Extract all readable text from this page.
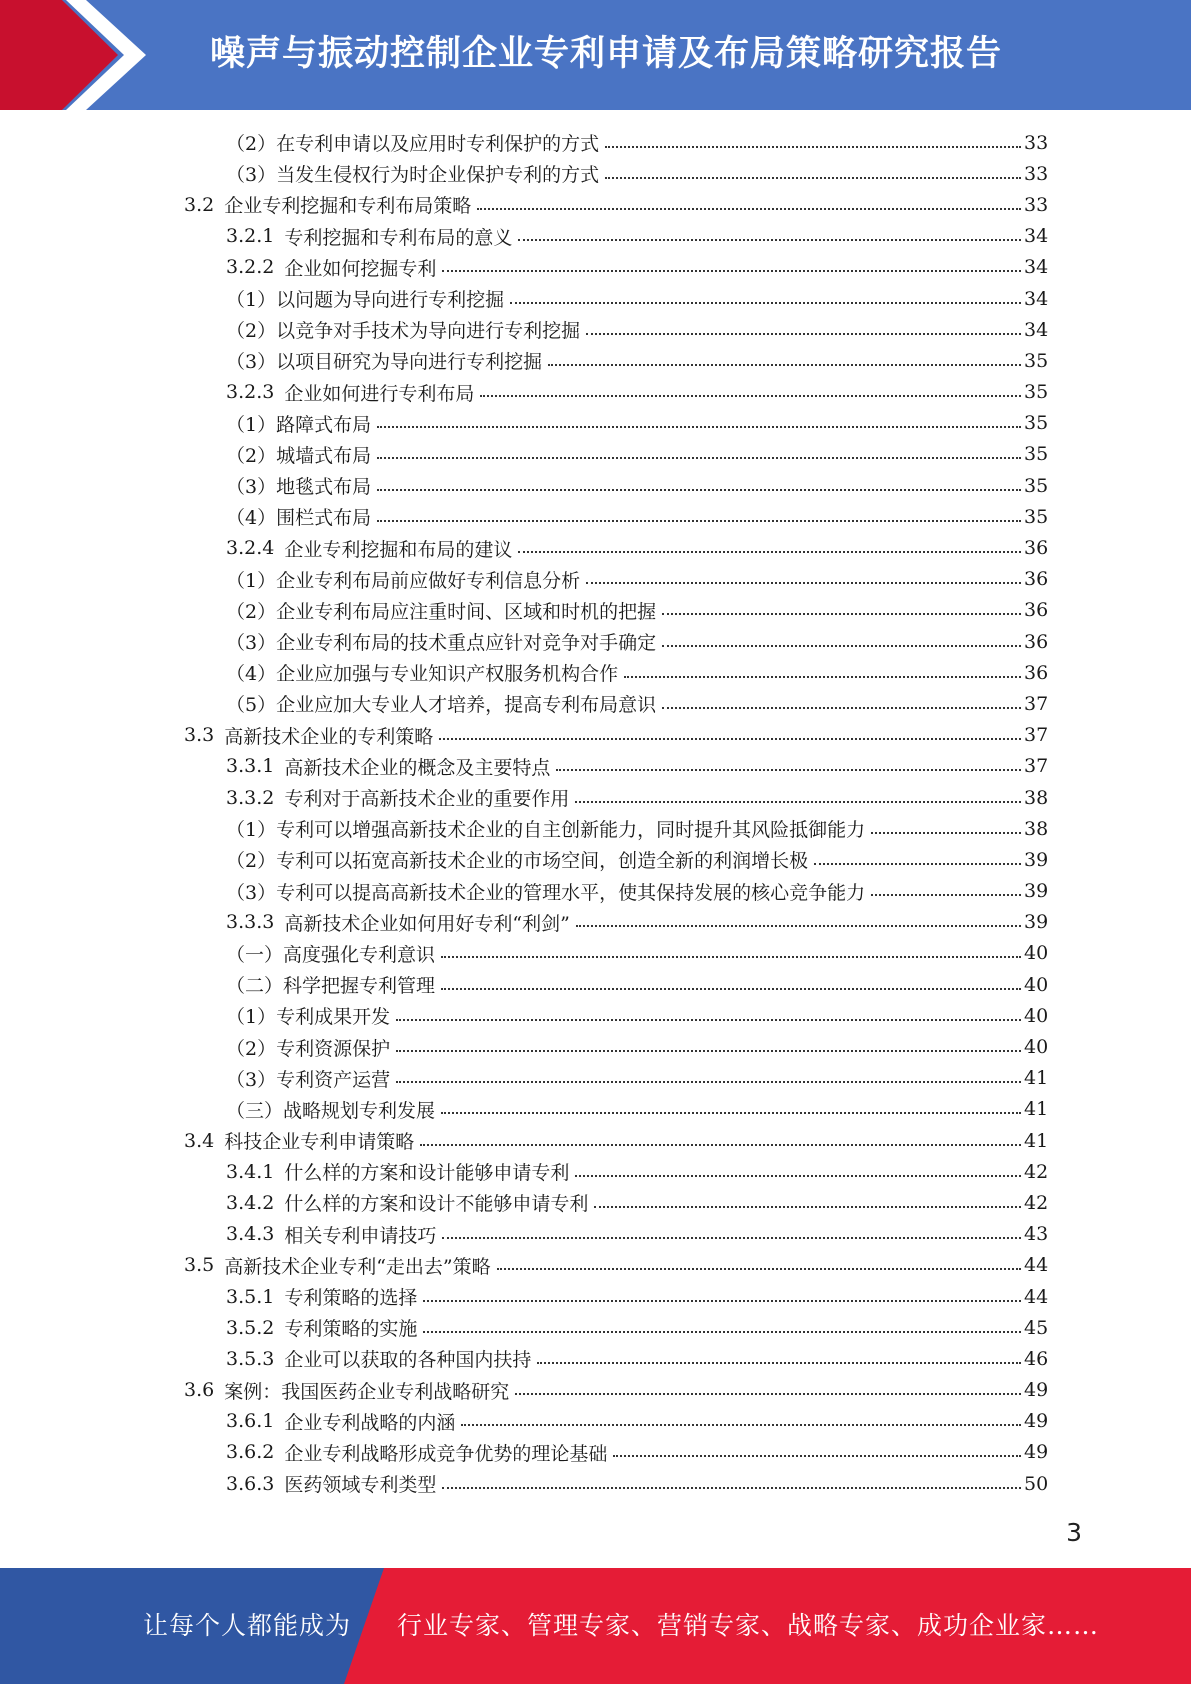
噪声与振动控制企业专利申请及布局策略研究报告
（2）在专利申请以及应用时专利保护的方式	33
（3）当发生侵权行为时企业保护专利的方式	33
3.2 企业专利挖掘和专利布局策略	33
3.2.1 专利挖掘和专利布局的意义	34
3.2.2 企业如何挖掘专利	34
（1）以问题为导向进行专利挖掘	34
（2）以竞争对手技术为导向进行专利挖掘	34
（3）以项目研究为导向进行专利挖掘	35
3.2.3 企业如何进行专利布局	35
（1）路障式布局	35
（2）城墙式布局	35
（3）地毯式布局	35
（4）围栏式布局	35
3.2.4 企业专利挖掘和布局的建议	36
（1）企业专利布局前应做好专利信息分析	36
（2）企业专利布局应注重时间、区域和时机的把握	36
（3）企业专利布局的技术重点应针对竞争对手确定	36
（4）企业应加强与专业知识产权服务机构合作	36
（5）企业应加大专业人才培养，提高专利布局意识	37
3.3 高新技术企业的专利策略	37
3.3.1 高新技术企业的概念及主要特点	37
3.3.2 专利对于高新技术企业的重要作用	38
（1）专利可以增强高新技术企业的自主创新能力，同时提升其风险抵御能力	38
（2）专利可以拓宽高新技术企业的市场空间，创造全新的利润增长极	39
（3）专利可以提高高新技术企业的管理水平，使其保持发展的核心竞争能力	39
3.3.3 高新技术企业如何用好专利“利剑”	39
（一）高度强化专利意识	40
（二）科学把握专利管理	40
（1）专利成果开发	40
（2）专利资源保护	40
（3）专利资产运营	41
（三）战略规划专利发展	41
3.4 科技企业专利申请策略	41
3.4.1 什么样的方案和设计能够申请专利	42
3.4.2 什么样的方案和设计不能够申请专利	42
3.4.3 相关专利申请技巧	43
3.5 高新技术企业专利“走出去”策略	44
3.5.1 专利策略的选择	44
3.5.2 专利策略的实施	45
3.5.3 企业可以获取的各种国内扶持	46
3.6 案例：我国医药企业专利战略研究	49
3.6.1 企业专利战略的内涵	49
3.6.2 企业专利战略形成竞争优势的理论基础	49
3.6.3 医药领域专利类型	50
3
让每个人都能成为 行业专家、管理专家、营销专家、战略专家、成功企业家……
